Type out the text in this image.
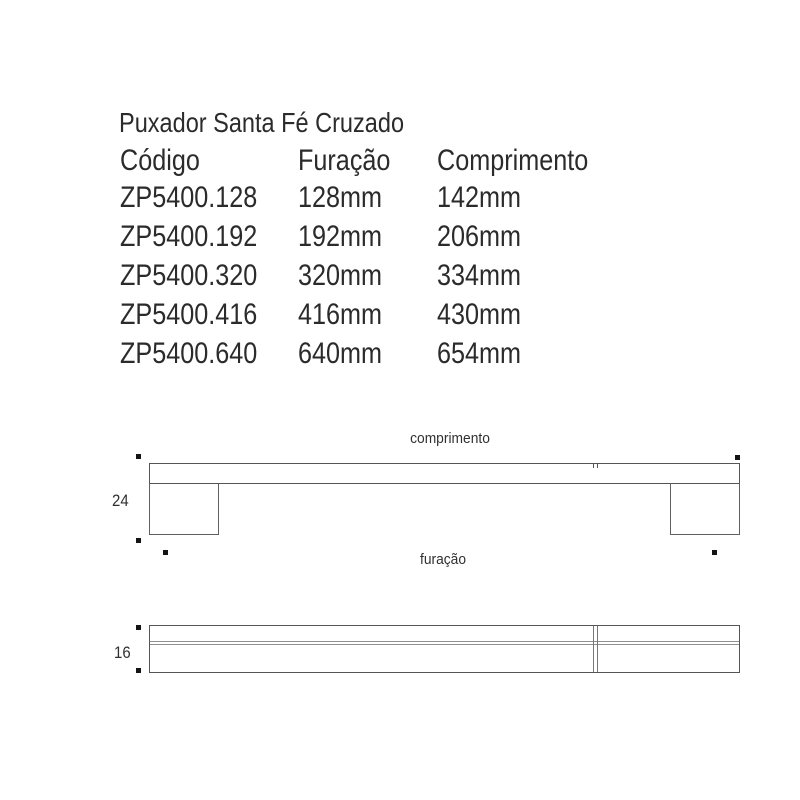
Puxador Santa Fé Cruzado
Código	Furação Comprimento
ZP5400.128 128mm 142mm
ZP5400.192 192mm 206mm
ZP5400.320 320mm 334mm
ZP5400.416 416mm 430mm
ZP5400.640 640mm 654mm
comprimento
24
furação
16
